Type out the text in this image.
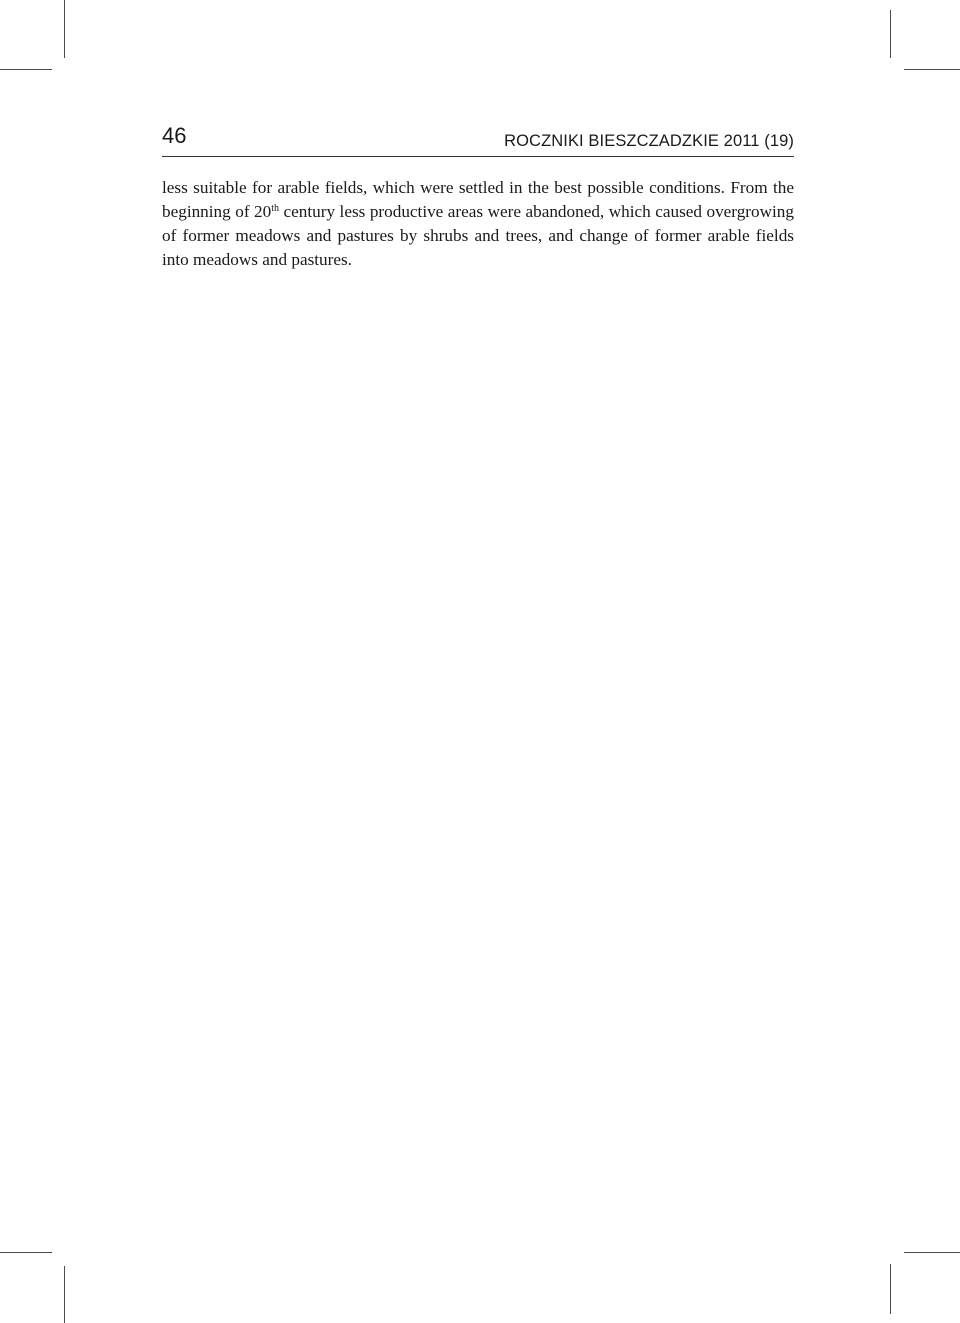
46	ROCZNIKI BIESZCZADZKIE 2011 (19)

less suitable for arable fields, which were settled in the best possible conditions. From the beginning of 20th century less productive areas were abandoned, which caused overgrowing of former meadows and pastures by shrubs and trees, and change of former arable fields into meadows and pastures.
